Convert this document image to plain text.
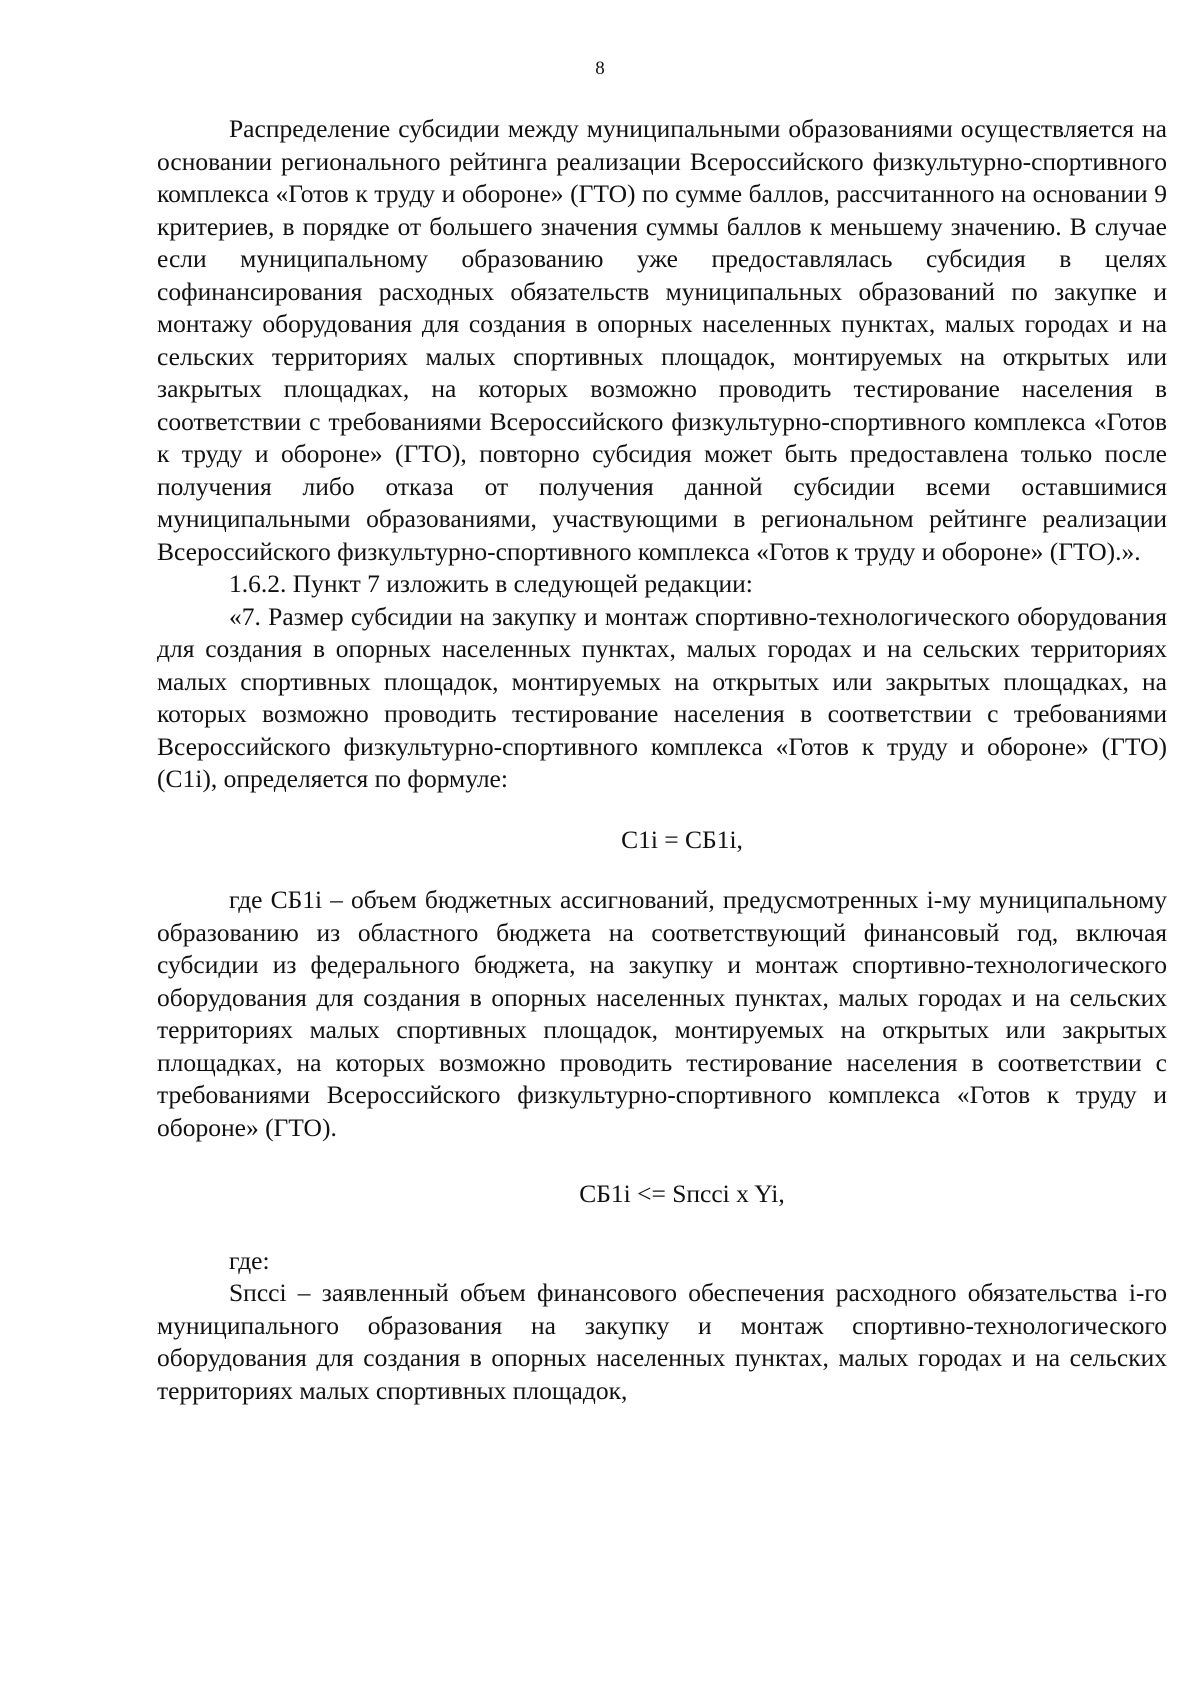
8

Распределение субсидии между муниципальными образованиями осуществляется на основании регионального рейтинга реализации Всероссийского физкультурно-спортивного комплекса «Готов к труду и обороне» (ГТО) по сумме баллов, рассчитанного на основании 9 критериев, в порядке от большего значения суммы баллов к меньшему значению. В случае если муниципальному образованию уже предоставлялась субсидия в целях софинансирования расходных обязательств муниципальных образований по закупке и монтажу оборудования для создания в опорных населенных пунктах, малых городах и на сельских территориях малых спортивных площадок, монтируемых на открытых или закрытых площадках, на которых возможно проводить тестирование населения в соответствии с требованиями Всероссийского физкультурно-спортивного комплекса «Готов к труду и обороне» (ГТО), повторно субсидия может быть предоставлена только после получения либо отказа от получения данной субсидии всеми оставшимися муниципальными образованиями, участвующими в региональном рейтинге реализации Всероссийского физкультурно-спортивного комплекса «Готов к труду и обороне» (ГТО).».

1.6.2. Пункт 7 изложить в следующей редакции:

«7. Размер субсидии на закупку и монтаж спортивно-технологического оборудования для создания в опорных населенных пунктах, малых городах и на сельских территориях малых спортивных площадок, монтируемых на открытых или закрытых площадках, на которых возможно проводить тестирование населения в соответствии с требованиями Всероссийского физкультурно-спортивного комплекса «Готов к труду и обороне» (ГТО) (С1i), определяется по формуле:

С1i = СБ1i,

где СБ1i – объем бюджетных ассигнований, предусмотренных i-му муниципальному образованию из областного бюджета на соответствующий финансовый год, включая субсидии из федерального бюджета, на закупку и монтаж спортивно-технологического оборудования для создания в опорных населенных пунктах, малых городах и на сельских территориях малых спортивных площадок, монтируемых на открытых или закрытых площадках, на которых возможно проводить тестирование населения в соответствии с требованиями Всероссийского физкультурно-спортивного комплекса «Готов к труду и обороне» (ГТО).

СБ1i <= Sпссi x Yi,

где:

Sпссi – заявленный объем финансового обеспечения расходного обязательства i-го муниципального образования на закупку и монтаж спортивно-технологического оборудования для создания в опорных населенных пунктах, малых городах и на сельских территориях малых спортивных площадок,
